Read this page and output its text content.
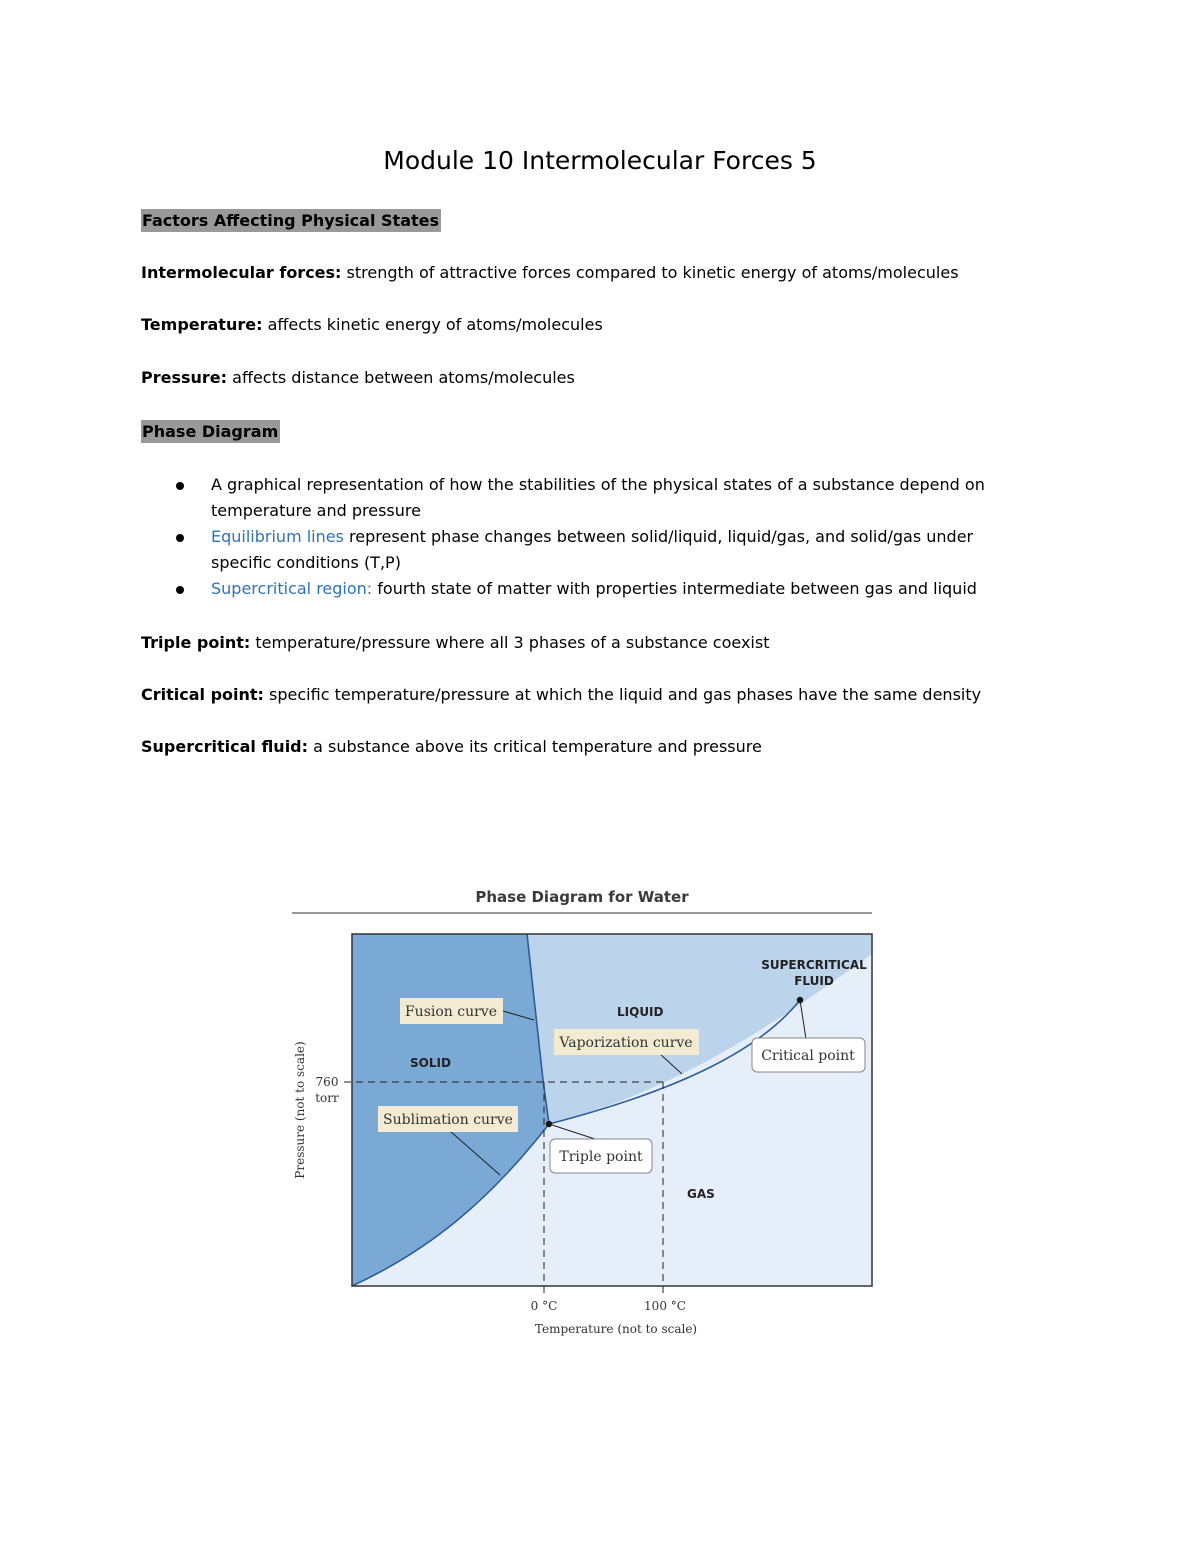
Module 10 Intermolecular Forces 5
Factors Affecting Physical States
Intermolecular forces: strength of attractive forces compared to kinetic energy of atoms/molecules
Temperature: affects kinetic energy of atoms/molecules
Pressure: affects distance between atoms/molecules
Phase Diagram
A graphical representation of how the stabilities of the physical states of a substance depend on
temperature and pressure
Equilibrium lines represent phase changes between solid/liquid, liquid/gas, and solid/gas under
specific conditions (T,P)
Supercritical region: fourth state of matter with properties intermediate between gas and liquid
Triple point: temperature/pressure where all 3 phases of a substance coexist
Critical point: specific temperature/pressure at which the liquid and gas phases have the same density
Supercritical fluid: a substance above its critical temperature and pressure
Phase Diagram for Water
SOLID
LIQUID
GAS
SUPERCRITICAL
FLUID
Fusion curve
Vaporization curve
Sublimation curve
Triple point
Critical point
760
torr
Pressure (not to scale)
0 °C	100 °C
Temperature (not to scale)
